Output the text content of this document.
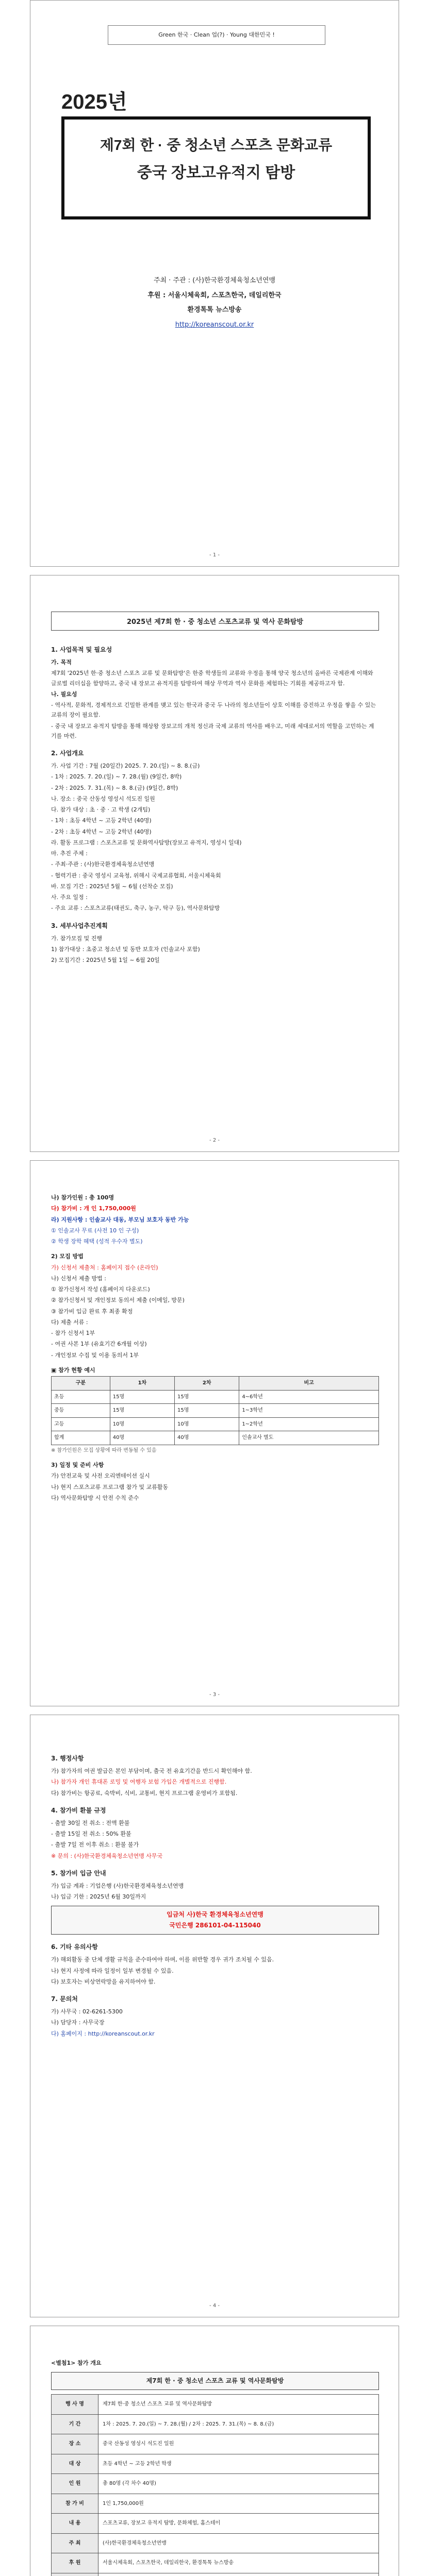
Green 한국 · Clean 업(?) · Young 대한민국 !
2025년
제7회 한 · 중 청소년 스포츠 문화교류
중국 장보고유적지 탐방
주최 · 주관 : (사)한국환경체육청소년연맹
후원 : 서울시체육회, 스포츠한국, 데일리한국
환경톡톡 뉴스방송
http://koreanscout.or.kr
- 1 -
2025년 제7회 한 · 중 청소년 스포츠교류 및 역사 문화탐방
1. 사업목적 및 필요성

가. 목적

제7회 '2025년 한·중 청소년 스포츠 교류 및 문화탐방'은 한중 학생들의 교류와 우정을 통해 양국 청소년의 올바른 국제관계 이해와 글로벌 리더십을 함양하고, 중국 내 장보고 유적지를 탐방하여 해상 무역과 역사 문화를 체험하는 기회를 제공하고자 함.

나. 필요성

- 역사적, 문화적, 경제적으로 긴밀한 관계를 맺고 있는 한국과 중국 두 나라의 청소년들이 상호 이해를 증진하고 우정을 쌓을 수 있는 교류의 장이 필요함.

- 중국 내 장보고 유적지 탐방을 통해 해상왕 장보고의 개척 정신과 국제 교류의 역사를 배우고, 미래 세대로서의 역할을 고민하는 계기를 마련.

2. 사업개요

가. 사업 기간 : 7월 (20일간) 2025. 7. 20.(일) ~ 8. 8.(금)

- 1차 : 2025. 7. 20.(일) ~ 7. 28.(월) (9일간, 8박)

- 2차 : 2025. 7. 31.(목) ~ 8. 8.(금) (9일간, 8박)

나. 장소 : 중국 산동성 영성시 석도진 일원

다. 참가 대상 : 초 · 중 · 고 학생 (2개팀)

- 1차 : 초등 4학년 ~ 고등 2학년 (40명)

- 2차 : 초등 4학년 ~ 고등 2학년 (40명)

라. 활동 프로그램 : 스포츠교류 및 문화역사탐방(장보고 유적지, 영성시 일대)

마. 추진 주체 :

- 주최·주관 : (사)한국환경체육청소년연맹

- 협력기관 : 중국 영성시 교육청, 위해시 국제교류협회, 서울시체육회

바. 모집 기간 : 2025년 5월 ~ 6월 (선착순 모집)

사. 주요 일정 :

- 주요 교류 : 스포츠교류(태권도, 축구, 농구, 탁구 등), 역사문화탐방

3. 세부사업추진계획

가. 참가모집 및 진행

1) 참가대상 : 초중고 청소년 및 동반 보호자 (인솔교사 포함)

2) 모집기간 : 2025년 5월 1일 ~ 6월 20일

- 2 -

나) 참가인원 : 총 100명

다) 참가비 : 개 인 1,750,000원

라) 지원사항 : 인솔교사 대동, 부모님 보호자 동반 가능

① 인솔교사 무료 (사전 10 인 구성)

② 학생 장학 혜택 (성적 우수자 별도)

2) 모집 방법

가) 신청서 제출처 : 홈페이지 접수 (온라인)

나) 신청서 제출 방법 :

① 참가신청서 작성 (홈페이지 다운로드)

② 참가신청서 및 개인정보 동의서 제출 (이메일, 방문)

③ 참가비 입금 완료 후 최종 확정

다) 제출 서류 :

- 참가 신청서 1부

- 여권 사본 1부 (유효기간 6개월 이상)

- 개인정보 수집 및 이용 동의서 1부

▣ 참가 현황 예시

구분	1차	2차	비고
초등	15명	15명	4~6학년
중등	15명	15명	1~3학년
고등	10명	10명	1~2학년
합계	40명	40명	인솔교사 별도

※ 참가인원은 모집 상황에 따라 변동될 수 있음

3) 일정 및 준비 사항

가) 안전교육 및 사전 오리엔테이션 실시

나) 현지 스포츠교류 프로그램 참가 및 교류활동

다) 역사문화탐방 시 안전 수칙 준수

- 3 -
3. 행정사항

가) 참가자의 여권 발급은 본인 부담이며, 출국 전 유효기간을 반드시 확인해야 함.

나) 참가자 개인 휴대폰 로밍 및 여행자 보험 가입은 개별적으로 진행함.

다) 참가비는 항공료, 숙박비, 식비, 교통비, 현지 프로그램 운영비가 포함됨.

4. 참가비 환불 규정

- 출발 30일 전 취소 : 전액 환불

- 출발 15일 전 취소 : 50% 환불

- 출발 7일 전 이후 취소 : 환불 불가

※ 문의 : (사)한국환경체육청소년연맹 사무국

5. 참가비 입금 안내

가) 입금 계좌 : 기업은행 (사)한국환경체육청소년연맹

나) 입금 기한 : 2025년 6월 30일까지

입금처 사)한국 환경체육청소년연맹
국민은행 286101-04-115040
6. 기타 유의사항

가) 해외활동 중 단체 생활 규칙을 준수하여야 하며, 이를 위반할 경우 귀가 조치될 수 있음.

나) 현지 사정에 따라 일정이 일부 변경될 수 있음.

다) 보호자는 비상연락망을 유지하여야 함.

7. 문의처

가) 사무국 : 02-6261-5300

나) 담당자 : 사무국장

다) 홈페이지 : http://koreanscout.or.kr

- 4 -

<별첨1> 참가 개요

제7회 한 · 중 청소년 스포츠 교류 및 역사문화탐방
행 사 명	제7회 한·중 청소년 스포츠 교류 및 역사문화탐방
기 간	1차 : 2025. 7. 20.(일) ~ 7. 28.(월) / 2차 : 2025. 7. 31.(목) ~ 8. 8.(금)
장 소	중국 산동성 영성시 석도진 일원
대 상	초등 4학년 ~ 고등 2학년 학생
인 원	총 80명 (각 차수 40명)
참 가 비	1인 1,750,000원
내 용	스포츠교류, 장보고 유적지 탐방, 문화체험, 홈스테이
주 최	(사)한국환경체육청소년연맹
후 원	서울시체육회, 스포츠한국, 데일리한국, 환경톡톡 뉴스방송
